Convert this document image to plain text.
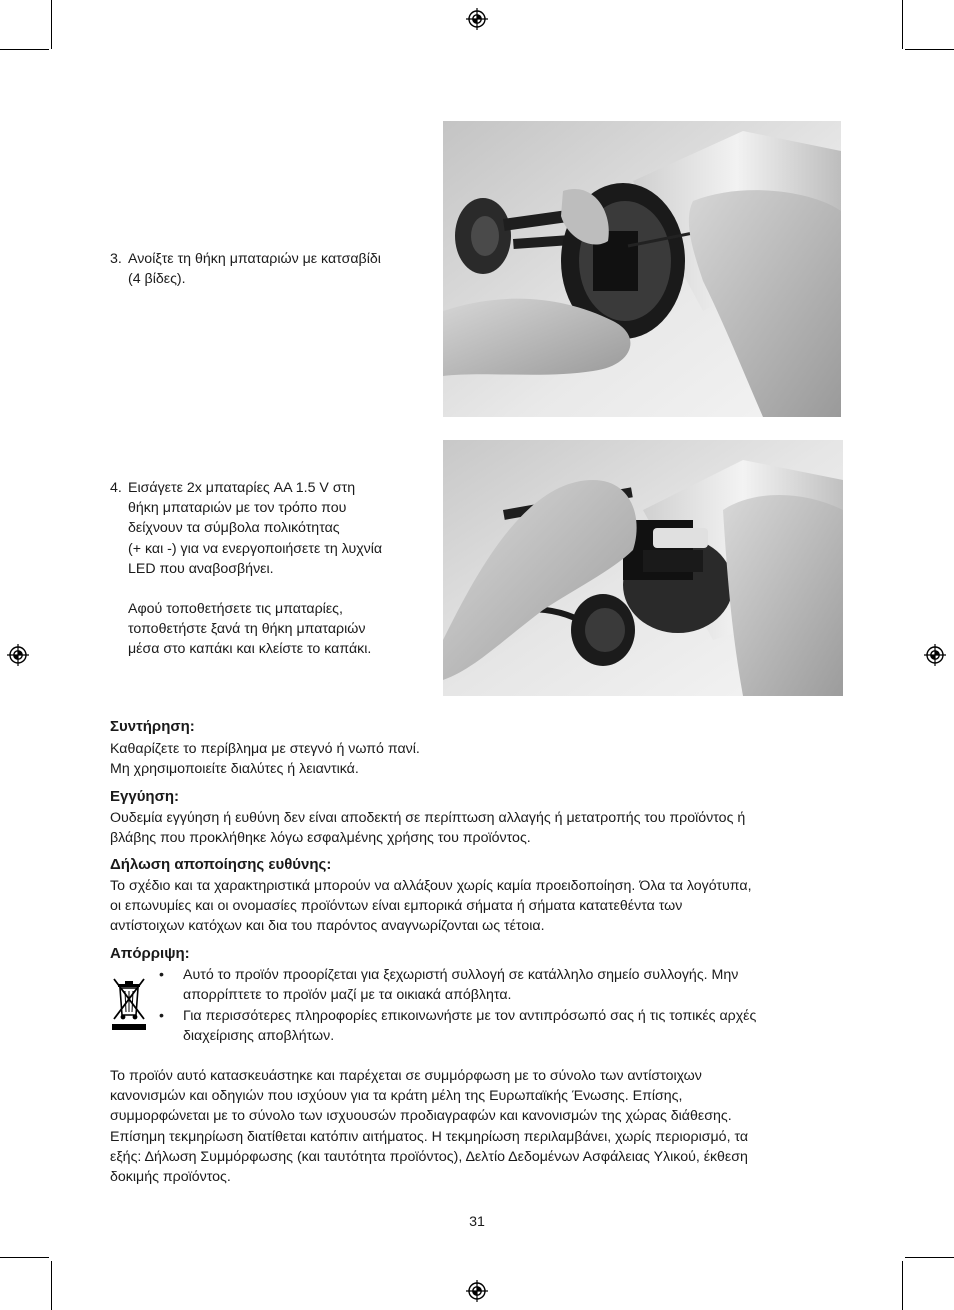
3. Ανοίξτε τη θήκη μπαταριών με κατσαβίδι
(4 βίδες).
4. Εισάγετε 2x μπαταρίες AA 1.5 V στη
θήκη μπαταριών με τον τρόπο που
δείχνουν τα σύμβολα πολικότητας
(+ και -) για να ενεργοποιήσετε τη λυχνία
LED που αναβοσβήνει.
Αφού τοποθετήσετε τις μπαταρίες,
τοποθετήστε ξανά τη θήκη μπαταριών
μέσα στο καπάκι και κλείστε το καπάκι.
Συντήρηση:
Καθαρίζετε το περίβλημα με στεγνό ή νωπό πανί.
Μη χρησιμοποιείτε διαλύτες ή λειαντικά.
Εγγύηση:
Ουδεμία εγγύηση ή ευθύνη δεν είναι αποδεκτή σε περίπτωση αλλαγής ή μετατροπής του προϊόντος ή
βλάβης που προκλήθηκε λόγω εσφαλμένης χρήσης του προϊόντος.
Δήλωση αποποίησης ευθύνης:
Το σχέδιο και τα χαρακτηριστικά μπορούν να αλλάξουν χωρίς καμία προειδοποίηση. Όλα τα λογότυπα,
οι επωνυμίες και οι ονομασίες προϊόντων είναι εμπορικά σήματα ή σήματα κατατεθέντα των
αντίστοιχων κατόχων και δια του παρόντος αναγνωρίζονται ως τέτοια.
Απόρριψη:
• Αυτό το προϊόν προορίζεται για ξεχωριστή συλλογή σε κατάλληλο σημείο συλλογής. Μην
απορρίπτετε το προϊόν μαζί με τα οικιακά απόβλητα.
• Για περισσότερες πληροφορίες επικοινωνήστε με τον αντιπρόσωπό σας ή τις τοπικές αρχές
διαχείρισης αποβλήτων.
Το προϊόν αυτό κατασκευάστηκε και παρέχεται σε συμμόρφωση με το σύνολο των αντίστοιχων
κανονισμών και οδηγιών που ισχύουν για τα κράτη μέλη της Ευρωπαϊκής Ένωσης. Επίσης,
συμμορφώνεται με το σύνολο των ισχυουσών προδιαγραφών και κανονισμών της χώρας διάθεσης.
Επίσημη τεκμηρίωση διατίθεται κατόπιν αιτήματος. Η τεκμηρίωση περιλαμβάνει, χωρίς περιορισμό, τα
εξής: Δήλωση Συμμόρφωσης (και ταυτότητα προϊόντος), Δελτίο Δεδομένων Ασφάλειας Υλικού, έκθεση
δοκιμής προϊόντος.
31
